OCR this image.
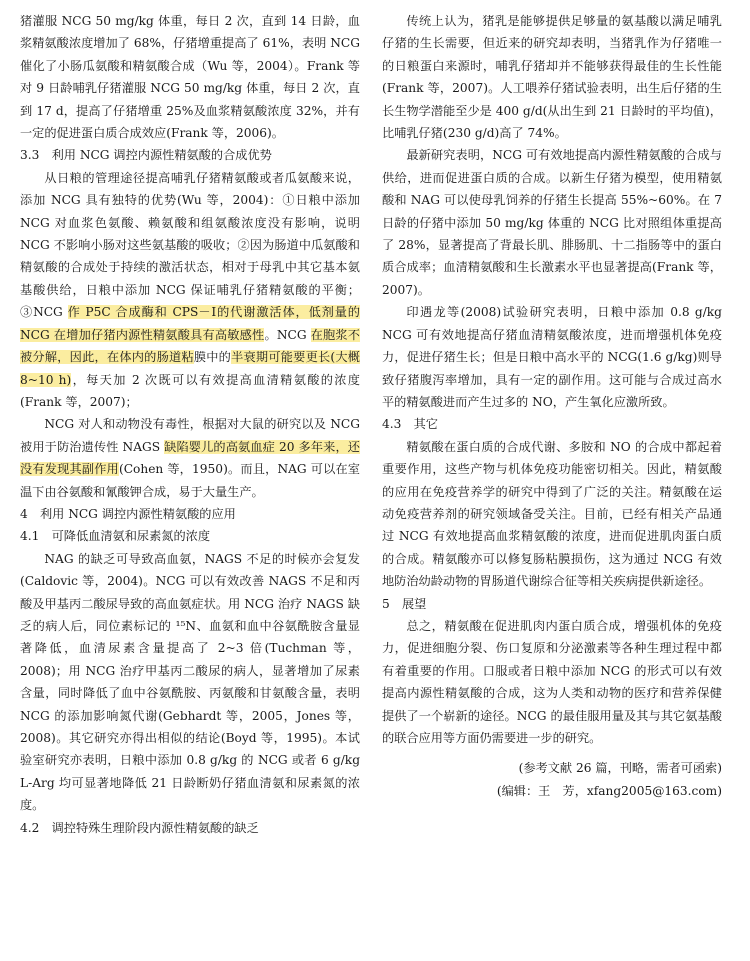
猪灌服 NCG 50 mg/kg 体重，每日 2 次，直到 14 日龄，血浆精氨酸浓度增加了 68%，仔猪增重提高了 61%，表明 NCG 催化了小肠瓜氨酸和精氨酸合成（Wu 等，2004）。Frank 等对 9 日龄哺乳仔猪灌服 NCG 50 mg/kg 体重，每日 2 次，直到 17 d，提高了仔猪增重 25%及血浆精氨酸浓度 32%，并有一定的促进蛋白质合成效应(Frank 等，2006)。

3.3　利用 NCG 调控内源性精氨酸的合成优势

从日粮的管理途径提高哺乳仔猪精氨酸或者瓜氨酸来说，添加 NCG 具有独特的优势(Wu 等，2004)：①日粮中添加 NCG 对血浆色氨酸、赖氨酸和组氨酸浓度没有影响，说明 NCG 不影响小肠对这些氨基酸的吸收；②因为肠道中瓜氨酸和精氨酸的合成处于持续的激活状态，相对于母乳中其它基本氨基酸供给，日粮中添加 NCG 保证哺乳仔猪精氨酸的平衡；③NCG 作 P5C 合成酶和 CPS－Ⅰ的代谢激活体，低剂量的 NCG 在增加仔猪内源性精氨酸具有高敏感性。NCG 在胞浆不被分解，因此，在体内的肠道粘膜中的半衰期可能要更长(大概 8~10 h)，每天加 2 次既可以有效提高血清精氨酸的浓度(Frank 等，2007)；

NCG 对人和动物没有毒性，根据对大鼠的研究以及 NCG 被用于防治遗传性 NAGS 缺陷婴儿的高氨血症 20 多年来，还没有发现其副作用(Cohen 等，1950)。而且，NAG 可以在室温下由谷氨酸和氰酸钾合成，易于大量生产。

4　利用 NCG 调控内源性精氨酸的应用
4.1　可降低血清氨和尿素氮的浓度

NAG 的缺乏可导致高血氨，NAGS 不足的时候亦会复发(Caldovic 等，2004)。NCG 可以有效改善 NAGS 不足和丙酸及甲基丙二酸尿导致的高血氨症状。用 NCG 治疗 NAGS 缺乏的病人后，同位素标记的 ¹⁵N、血氨和血中谷氨酰胺含量显著降低，血清尿素含量提高了 2~3 倍(Tuchman 等，2008)；用 NCG 治疗甲基丙二酸尿的病人，显著增加了尿素含量，同时降低了血中谷氨酰胺、丙氨酸和甘氨酸含量，表明 NCG 的添加影响氮代谢(Gebhardt 等，2005，Jones 等，2008)。其它研究亦得出相似的结论(Boyd 等，1995)。本试验室研究亦表明，日粮中添加 0.8 g/kg 的 NCG 或者 6 g/kg L-Arg 均可显著地降低 21 日龄断奶仔猪血清氨和尿素氮的浓度。

4.2　调控特殊生理阶段内源性精氨酸的缺乏

传统上认为，猪乳是能够提供足够量的氨基酸以满足哺乳仔猪的生长需要，但近来的研究却表明，当猪乳作为仔猪唯一的日粮蛋白来源时，哺乳仔猪却并不能够获得最佳的生长性能(Frank 等，2007)。人工喂养仔猪试验表明，出生后仔猪的生长生物学潜能至少是 400 g/d(从出生到 21 日龄时的平均值)，比哺乳仔猪(230 g/d)高了 74%。

最新研究表明，NCG 可有效地提高内源性精氨酸的合成与供给，进而促进蛋白质的合成。以新生仔猪为模型，使用精氨酸和 NAG 可以使母乳饲养的仔猪生长提高 55%~60%。在 7 日龄的仔猪中添加 50 mg/kg 体重的 NCG 比对照组体重提高了 28%，显著提高了背最长肌、腓肠肌、十二指肠等中的蛋白质合成率；血清精氨酸和生长激素水平也显著提高(Frank 等，2007)。

印遇龙等(2008)试验研究表明，日粮中添加 0.8 g/kg NCG 可有效地提高仔猪血清精氨酸浓度，进而增强机体免疫力，促进仔猪生长；但是日粮中高水平的 NCG(1.6 g/kg)则导致仔猪腹泻率增加，具有一定的副作用。这可能与合成过高水平的精氨酸进而产生过多的 NO，产生氧化应激所致。

4.3　其它

精氨酸在蛋白质的合成代谢、多胺和 NO 的合成中都起着重要作用，这些产物与机体免疫功能密切相关。因此，精氨酸的应用在免疫营养学的研究中得到了广泛的关注。精氨酸在运动免疫营养剂的研究领域备受关注。目前，已经有相关产品通过 NCG 有效地提高血浆精氨酸的浓度，进而促进肌肉蛋白质的合成。精氨酸亦可以修复肠粘膜损伤，这为通过 NCG 有效地防治幼龄动物的胃肠道代谢综合征等相关疾病提供新途径。

5　展望

总之，精氨酸在促进肌肉内蛋白质合成，增强机体的免疫力，促进细胞分裂、伤口复原和分泌激素等各种生理过程中都有着重要的作用。口服或者日粮中添加 NCG 的形式可以有效提高内源性精氨酸的合成，这为人类和动物的医疗和营养保健提供了一个崭新的途径。NCG 的最佳服用量及其与其它氨基酸的联合应用等方面仍需要进一步的研究。

(参考文献 26 篇，刊略，需者可函索)

(编辑：王　芳，xfang2005@163.com)
